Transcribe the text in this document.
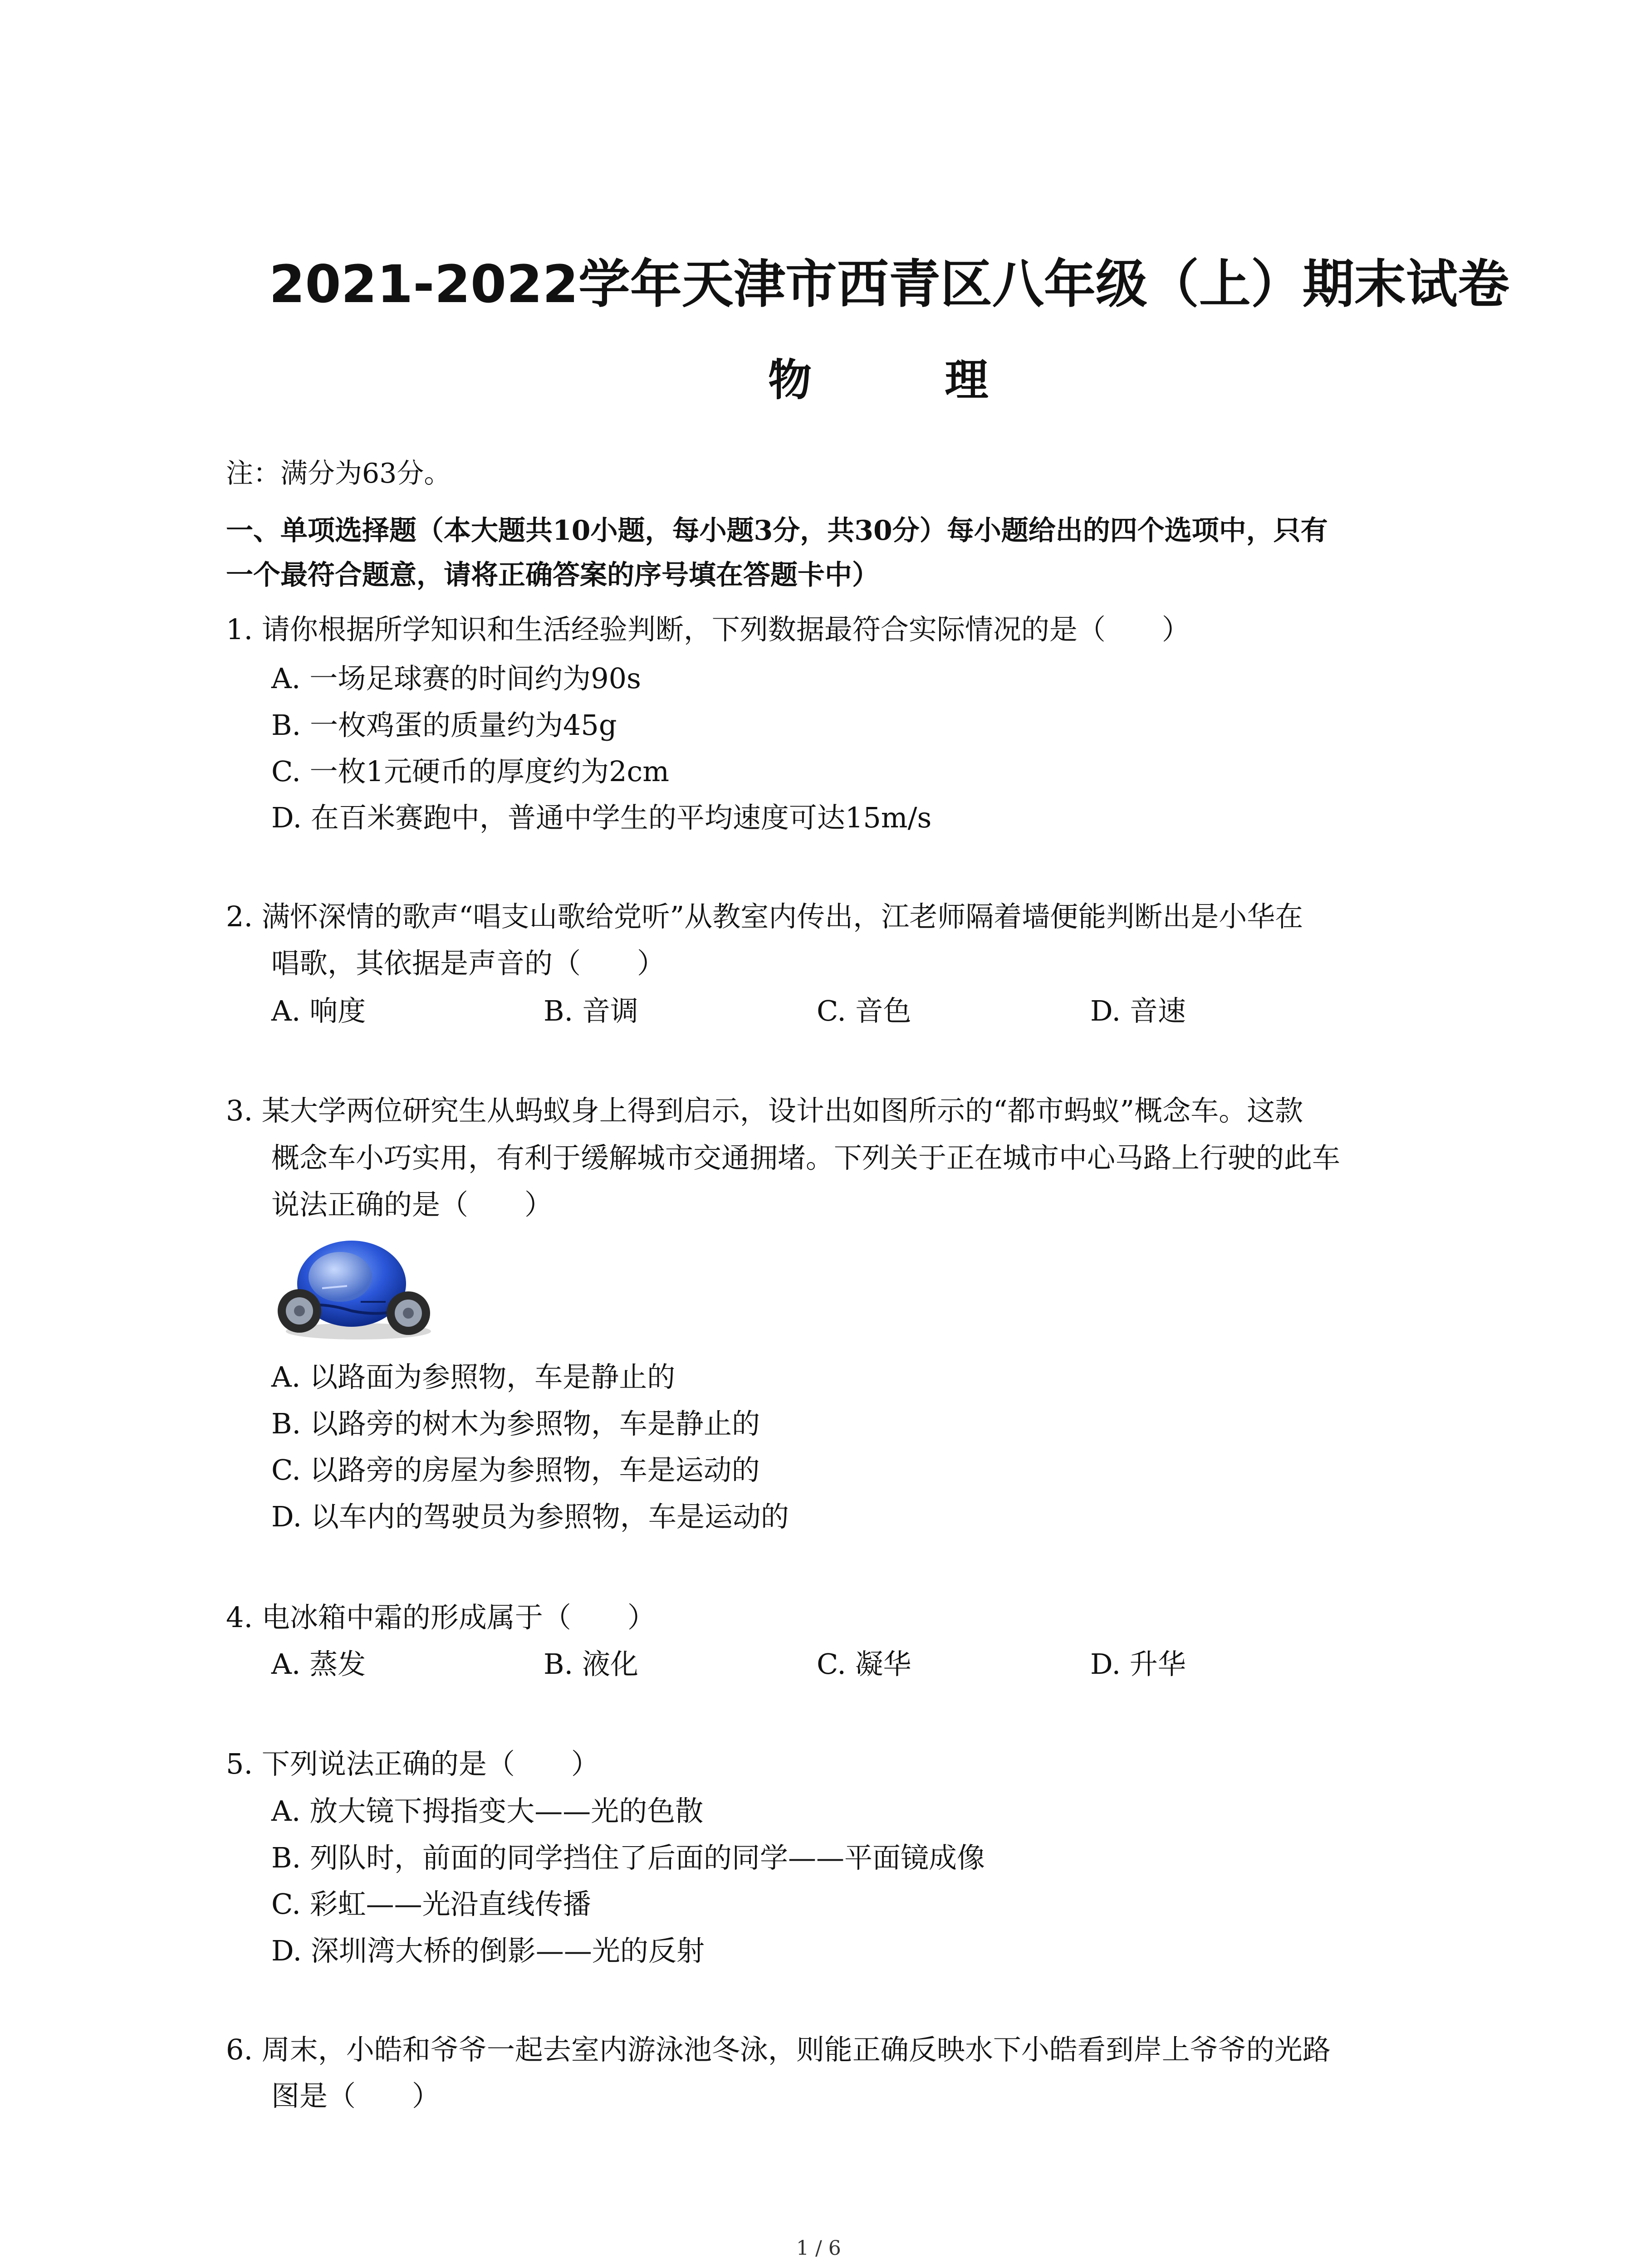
2021-2022学年天津市西青区八年级（上）期末试卷
物 理
注：满分为63分。
一、单项选择题（本大题共10小题，每小题3分，共30分）每小题给出的四个选项中，只有
一个最符合题意，请将正确答案的序号填在答题卡中）
1. 请你根据所学知识和生活经验判断，下列数据最符合实际情况的是（　　）
A. 一场足球赛的时间约为90s
B. 一枚鸡蛋的质量约为45g
C. 一枚1元硬币的厚度约为2cm
D. 在百米赛跑中，普通中学生的平均速度可达15m/s
2. 满怀深情的歌声“唱支山歌给党听”从教室内传出，江老师隔着墙便能判断出是小华在
唱歌，其依据是声音的（　　）
A. 响度	B. 音调	C. 音色	D. 音速
3. 某大学两位研究生从蚂蚁身上得到启示，设计出如图所示的“都市蚂蚁”概念车。这款
概念车小巧实用，有利于缓解城市交通拥堵。下列关于正在城市中心马路上行驶的此车
说法正确的是（　　）
A. 以路面为参照物，车是静止的
B. 以路旁的树木为参照物，车是静止的
C. 以路旁的房屋为参照物，车是运动的
D. 以车内的驾驶员为参照物，车是运动的
4. 电冰箱中霜的形成属于（　　）
A. 蒸发	B. 液化	C. 凝华	D. 升华
5. 下列说法正确的是（　　）
A. 放大镜下拇指变大——光的色散
B. 列队时，前面的同学挡住了后面的同学——平面镜成像
C. 彩虹——光沿直线传播
D. 深圳湾大桥的倒影——光的反射
6. 周末，小皓和爷爷一起去室内游泳池冬泳，则能正确反映水下小皓看到岸上爷爷的光路
图是（　　）
1 / 6
